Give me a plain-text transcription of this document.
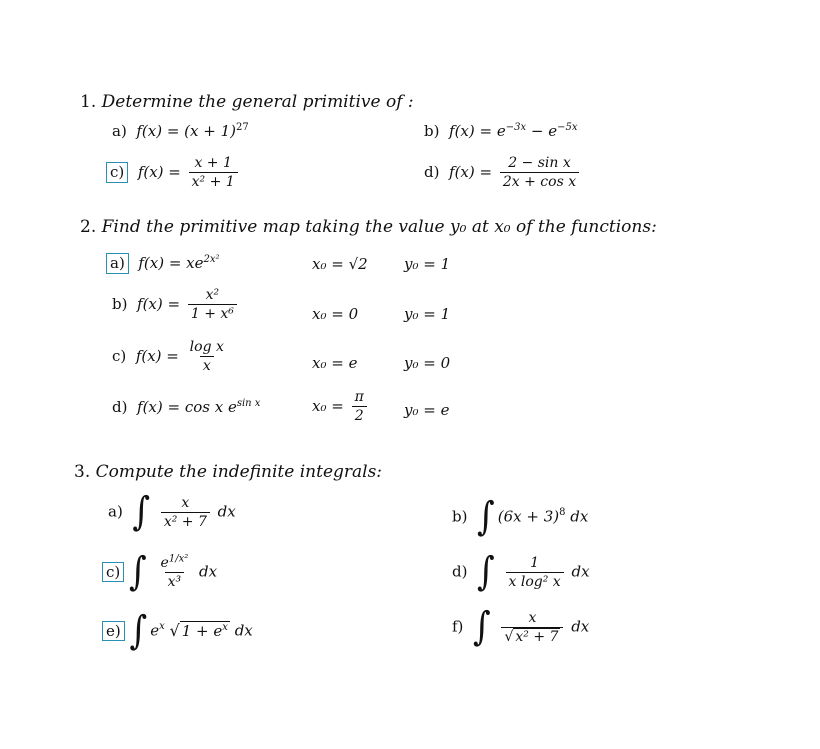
1. Determine the general primitive of :
a) $f(x) = (x + 1)^{27}$	b) $f(x) = e^{-3x} - e^{-5x}$
c) $f(x) = \frac{x + 1}{\text{x² + 1}}$	d) $f(x) = \frac{\text{2 − sin x}}{\text{2x + cos x}}$
2. Find the primitive map taking the value y₀ at x₀ of the functions:
a) $f(x) = xe^{2x^2}$	x₀ = √2 y₀ = 1
b) $f(x) = \frac{\text{x²}}{\text{1 + x⁶}}$	x₀ = 0	y₀ = 1
c) $f(x) = \frac{\text{log x}}{x}$	x₀ = e	y₀ = 0
d) f(x) = cos x $e^{sin x}$	$x_0 = \frac{\pi}{2} y_0 = e$
3. Compute the indefinite integrals:
a) ∫ $\frac{x}{\text{x² + 7}}$ dx	b) ∫ $(6x + 3)^8$ dx
c) ∫ $\frac{e^{1/x^2}}{\text{x³}}$ dx	d) ∫ $\frac{1}{\text{x log² x}}$ dx
e) ∫ $e^x$ √ $1 + e^x$ dx	f) ∫ $\frac{x}{\text{√ x² + 7}}$ dx
